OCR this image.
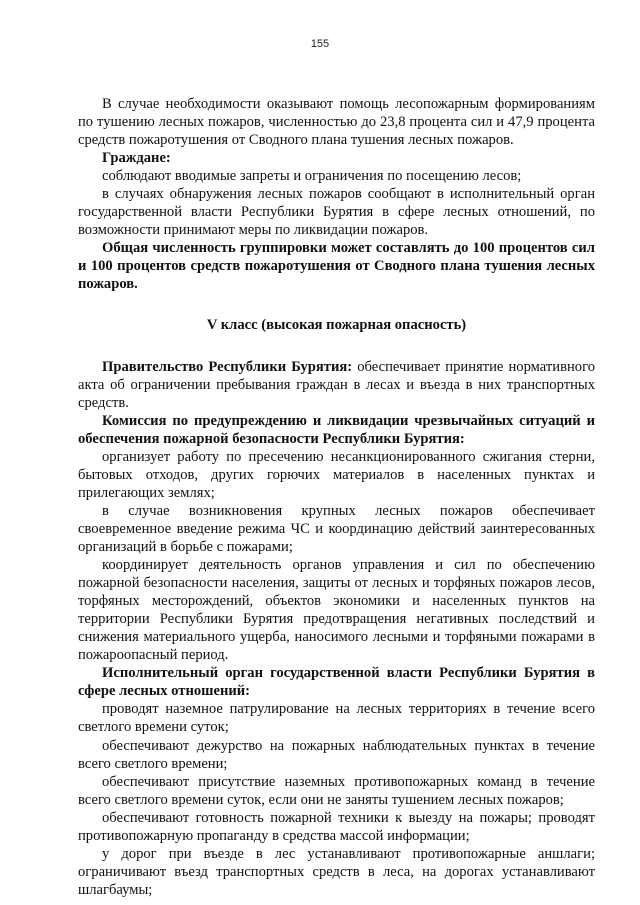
155

В случае необходимости оказывают помощь лесопожарным формированиям по тушению лесных пожаров, численностью до 23,8 процента сил и 47,9 процента средств пожаротушения от Сводного плана тушения лесных пожаров.

Граждане:

соблюдают вводимые запреты и ограничения по посещению лесов;

в случаях обнаружения лесных пожаров сообщают в исполнительный орган государственной власти Республики Бурятия в сфере лесных отношений, по возможности принимают меры по ликвидации пожаров.

Общая численность группировки может составлять до 100 процентов сил и 100 процентов средств пожаротушения от Сводного плана тушения лесных пожаров.

V класс (высокая пожарная опасность)

Правительство Республики Бурятия: обеспечивает принятие нормативного акта об ограничении пребывания граждан в лесах и въезда в них транспортных средств.

Комиссия по предупреждению и ликвидации чрезвычайных ситуаций и обеспечения пожарной безопасности Республики Бурятия:

организует работу по пресечению несанкционированного сжигания стерни, бытовых отходов, других горючих материалов в населенных пунктах и прилегающих землях;

в случае возникновения крупных лесных пожаров обеспечивает своевременное введение режима ЧС и координацию действий заинтересованных организаций в борьбе с пожарами;

координирует деятельность органов управления и сил по обеспечению пожарной безопасности населения, защиты от лесных и торфяных пожаров лесов, торфяных месторождений, объектов экономики и населенных пунктов на территории Республики Бурятия предотвращения негативных последствий и снижения материального ущерба, наносимого лесными и торфяными пожарами в пожароопасный период.

Исполнительный орган государственной власти Республики Бурятия в сфере лесных отношений:

проводят наземное патрулирование на лесных территориях в течение всего светлого времени суток;

обеспечивают дежурство на пожарных наблюдательных пунктах в течение всего светлого времени;

обеспечивают присутствие наземных противопожарных команд в течение всего светлого времени суток, если они не заняты тушением лесных пожаров;

обеспечивают готовность пожарной техники к выезду на пожары; проводят противопожарную пропаганду в средства массой информации;

у дорог при въезде в лес устанавливают противопожарные аншлаги; ограничивают въезд транспортных средств в леса, на дорогах устанавливают шлагбаумы;
